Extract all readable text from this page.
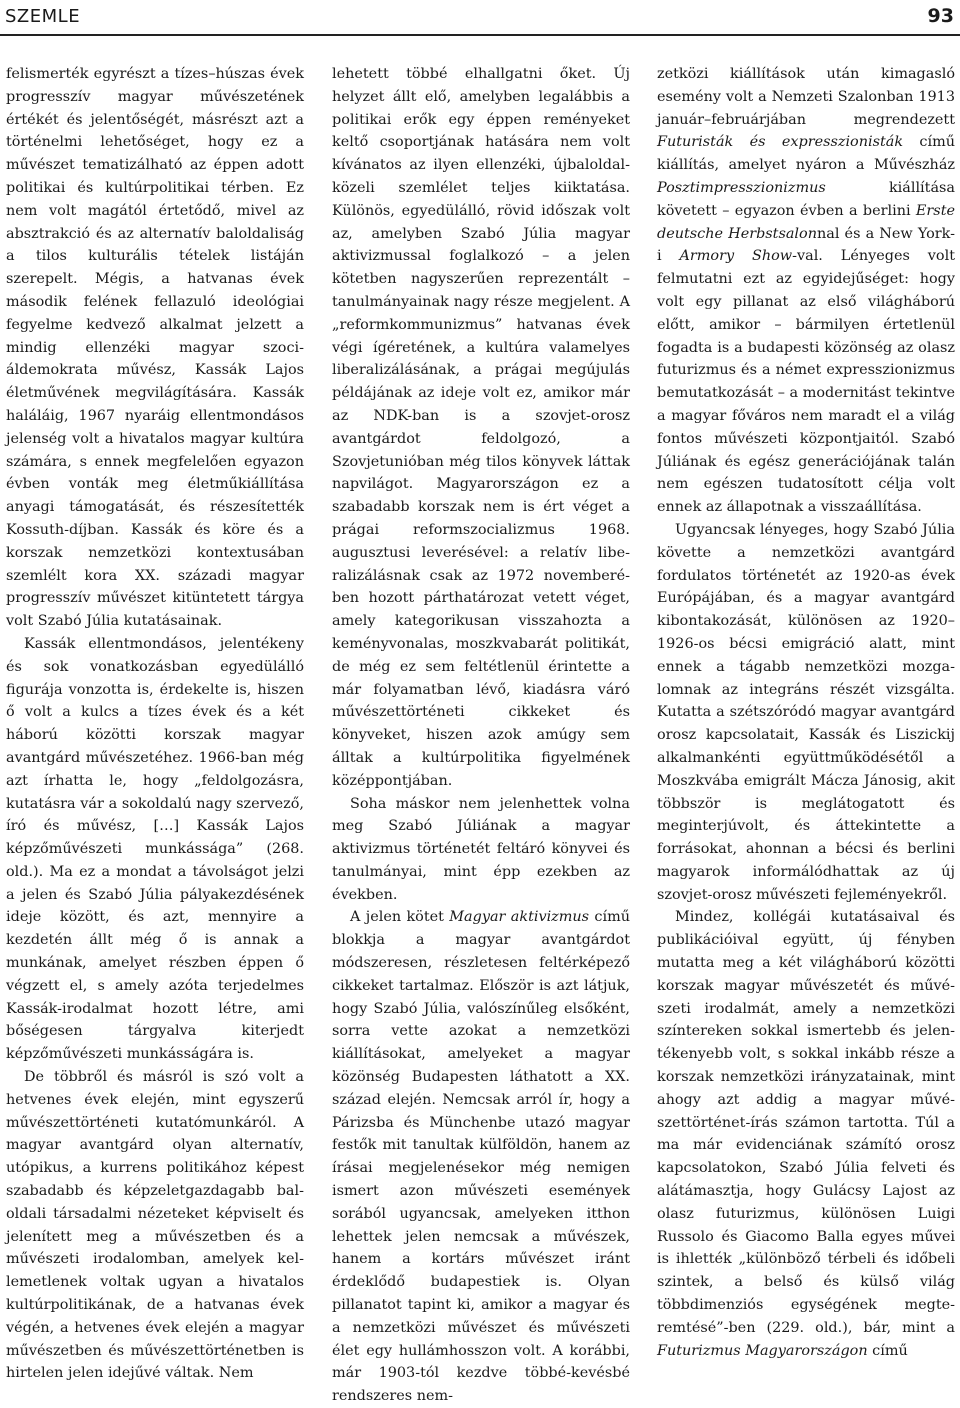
SZEMLE	93

felismerték egyrészt a tízes–húszas évek progresszív magyar művészetének értékét és jelentőségét, másrészt azt a történelmi lehetőséget, hogy ez a művészet tematizálható az éppen adott politikai és kultúrpolitikai térben. Ez nem volt magától értetődő, mivel az absztrakció és az alternatív baloldaliság a tilos kulturális tételek listáján szerepelt. Mégis, a hatvanas évek második felének fellazuló ideológiai fegyelme kedvező alkalmat jelzett a mindig ellenzéki magyar szociáldemokrata művész, Kassák Lajos életművének megvilágítására. Kassák haláláig, 1967 nyaráig ellentmondásos jelenség volt a hivatalos magyar kultúra számára, s ennek megfelelően egyazon évben vonták meg életműkiállítása anyagi támogatását, és részesítették Kossuth-díjban. Kassák és köre és a korszak nemzetközi kontextusában szemlélt kora XX. századi magyar progresszív művészet kitüntetett tárgya volt Szabó Júlia kutatásainak.

Kassák ellentmondásos, jelentékeny és sok vonatkozásban egyedülálló figurája vonzotta is, érdekelte is, hiszen ő volt a kulcs a tízes évek és a két háború közötti korszak magyar avantgárd művészetéhez. 1966-ban még azt írhatta le, hogy „feldolgozásra, kutatásra vár a sokoldalú nagy szervező, író és művész, […] Kassák Lajos képzőművészeti munkássága” (268. old.). Ma ez a mondat a távolságot jelzi a jelen és Szabó Júlia pályakezdésének ideje között, és azt, mennyire a kezdetén állt még ő is annak a munkának, amelyet részben éppen ő végzett el, s amely azóta terjedelmes Kassák-irodalmat hozott létre, ami bőségesen tárgyalva kiterjedt képzőművészeti munkásságára is.

De többről és másról is szó volt a hetvenes évek elején, mint egyszerű művészettörténeti kutatómunkáról. A magyar avantgárd olyan alternatív, utópikus, a kurrens politikához képest szabadabb és képzeletgazdagabb baloldali társadalmi nézeteket képviselt és jelenített meg a művészetben és a művészeti irodalomban, amelyek kellemetlenek voltak ugyan a hivatalos kultúrpolitikának, de a hatvanas évek végén, a hetvenes évek elején a magyar művészetben és művészettörténetben is hirtelen jelen idejűvé váltak. Nem

lehetett többé elhallgatni őket. Új helyzet állt elő, amelyben legalábbis a politikai erők egy éppen reményeket keltő csoportjának hatására nem volt kívánatos az ilyen ellenzéki, újbaloldal-közeli szemlélet teljes kiiktatása. Különös, egyedülálló, rövid időszak volt az, amelyben Szabó Júlia magyar aktivizmussal foglalkozó – a jelen kötetben nagyszerűen reprezentált – tanulmányainak nagy része megjelent. A „reformkommunizmus” hatvanas évek végi ígéretének, a kultúra valamelyes liberalizálásának, a prágai megújulás példájának az ideje volt ez, amikor már az NDK-ban is a szovjet-orosz avantgárdot feldolgozó, a Szovjetunióban még tilos könyvek láttak napvilágot. Magyarországon ez a szabadabb korszak nem is ért véget a prágai reformszocializmus 1968. augusztusi leverésével: a relatív liberalizálásnak csak az 1972 novemberében hozott párthatározat vetett véget, amely kategorikusan visszahozta a keményvonalas, moszkvabarát politikát, de még ez sem feltétlenül érintette a már folyamatban lévő, kiadásra váró művészettörténeti cikkeket és könyveket, hiszen azok amúgy sem álltak a kultúrpolitika figyelmének középpontjában.

Soha máskor nem jelenhettek volna meg Szabó Júliának a magyar aktivizmus történetét feltáró könyvei és tanulmányai, mint épp ezekben az években.

A jelen kötet Magyar aktivizmus című blokkja a magyar avantgárdot módszeresen, részletesen feltérképező cikkeket tartalmaz. Először is azt látjuk, hogy Szabó Júlia, valószínűleg elsőként, sorra vette azokat a nemzetközi kiállításokat, amelyeket a magyar közönség Budapesten láthatott a XX. század elején. Nemcsak arról ír, hogy a Párizsba és Münchenbe utazó magyar festők mit tanultak külföldön, hanem az írásai megjelenésekor még nemigen ismert azon művészeti események sorából ugyancsak, amelyeken itthon lehettek jelen nemcsak a művészek, hanem a kortárs művészet iránt érdeklődő budapestiek is. Olyan pillanatot tapint ki, amikor a magyar és a nemzetközi művészet és művészeti élet egy hullámhosszon volt. A korábbi, már 1903-tól kezdve többé-kevésbé rendszeres nem-

zetközi kiállítások után kimagasló esemény volt a Nemzeti Szalonban 1913 január–februárjában megrendezett Futuristák és expresszionisták című kiállítás, amelyet nyáron a Művészház Posztimpresszionizmus kiállítása követett – egyazon évben a berlini Erste deutsche Herbstsalonnal és a New York-i Armory Show-val. Lényeges volt felmutatni ezt az egyidejűséget: hogy volt egy pillanat az első világháború előtt, amikor – bármilyen értetlenül fogadta is a budapesti közönség az olasz futurizmus és a német expresszionizmus bemutatkozását – a modernitást tekintve a magyar főváros nem maradt el a világ fontos művészeti központjaitól. Szabó Júliának és egész generációjának talán nem egészen tudatosított célja volt ennek az állapotnak a visszaállítása.

Ugyancsak lényeges, hogy Szabó Júlia követte a nemzetközi avantgárd fordulatos történetét az 1920-as évek Európájában, és a magyar avantgárd kibontakozását, különösen az 1920–1926-os bécsi emigráció alatt, mint ennek a tágabb nemzetközi mozgalomnak az integráns részét vizsgálta. Kutatta a szétszóródó magyar avantgárd orosz kapcsolatait, Kassák és Liszickij alkalmankénti együttműködésétől a Moszkvába emigrált Mácza Jánosig, akit többször is meglátogatott és meginterjúvolt, és áttekintette a forrásokat, ahonnan a bécsi és berlini magyarok informálódhattak az új szovjet-orosz művészeti fejleményekről.

Mindez, kollégái kutatásaival és publikációival együtt, új fényben mutatta meg a két világháború közötti korszak magyar művészetét és művészeti irodalmát, amely a nemzetközi színtereken sokkal ismertebb és jelentékenyebb volt, s sokkal inkább része a korszak nemzetközi irányzatainak, mint ahogy azt addig a magyar művészettörténet-írás számon tartotta. Túl a ma már evidenciának számító orosz kapcsolatokon, Szabó Júlia felveti és alátámasztja, hogy Gulácsy Lajost az olasz futurizmus, különösen Luigi Russolo és Giacomo Balla egyes művei is ihlették „különböző térbeli és időbeli szintek, a belső és külső világ többdimenziós egységének megteremtésé”-ben (229. old.), bár, mint a Futurizmus Magyarországon című
